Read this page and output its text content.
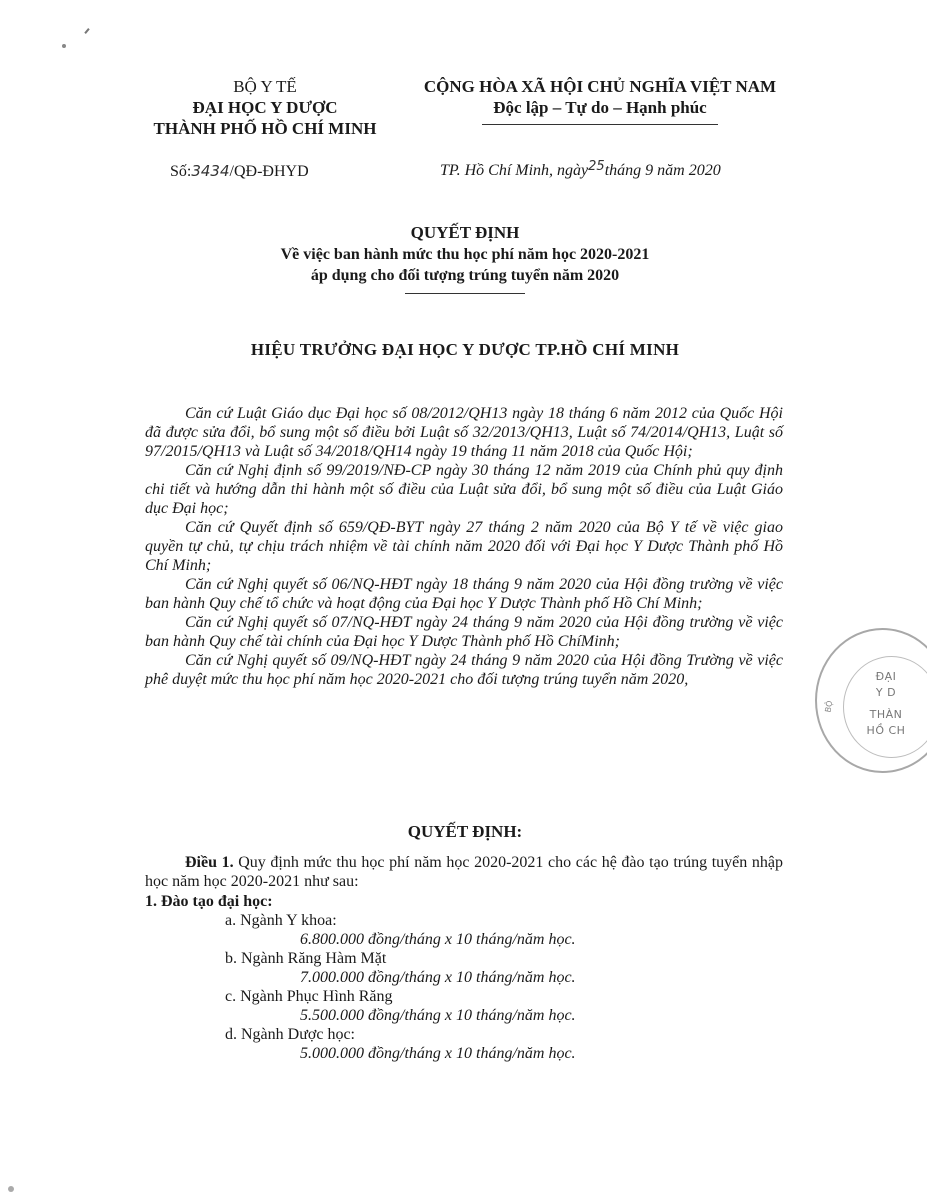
BỘ Y TẾ
ĐẠI HỌC Y DƯỢC
THÀNH PHỐ HỒ CHÍ MINH
CỘNG HÒA XÃ HỘI CHỦ NGHĨA VIỆT NAM
Độc lập – Tự do – Hạnh phúc
Số:3434/QĐ-ĐHYD	TP. Hồ Chí Minh, ngày$^{25}$tháng 9 năm 2020
QUYẾT ĐỊNH
Về việc ban hành mức thu học phí năm học 2020-2021
áp dụng cho đối tượng trúng tuyển năm 2020
HIỆU TRƯỞNG ĐẠI HỌC Y DƯỢC TP.HỒ CHÍ MINH

Căn cứ Luật Giáo dục Đại học số 08/2012/QH13 ngày 18 tháng 6 năm 2012 của Quốc Hội đã được sửa đổi, bổ sung một số điều bởi Luật số 32/2013/QH13, Luật số 74/2014/QH13, Luật số 97/2015/QH13 và Luật số 34/2018/QH14 ngày 19 tháng 11 năm 2018 của Quốc Hội;

Căn cứ Nghị định số 99/2019/NĐ-CP ngày 30 tháng 12 năm 2019 của Chính phủ quy định chi tiết và hướng dẫn thi hành một số điều của Luật sửa đổi, bổ sung một số điều của Luật Giáo dục Đại học;

Căn cứ Quyết định số 659/QĐ-BYT ngày 27 tháng 2 năm 2020 của Bộ Y tế về việc giao quyền tự chủ, tự chịu trách nhiệm về tài chính năm 2020 đối với Đại học Y Dược Thành phố Hồ Chí Minh;

Căn cứ Nghị quyết số 06/NQ-HĐT ngày 18 tháng 9 năm 2020 của Hội đồng trường về việc ban hành Quy chế tổ chức và hoạt động của Đại học Y Dược Thành phố Hồ Chí Minh;

Căn cứ Nghị quyết số 07/NQ-HĐT ngày 24 tháng 9 năm 2020 của Hội đồng trường về việc ban hành Quy chế tài chính của Đại học Y Dược Thành phố Hồ ChíMinh;

Căn cứ Nghị quyết số 09/NQ-HĐT ngày 24 tháng 9 năm 2020 của Hội đồng Trường về việc phê duyệt mức thu học phí năm học 2020-2021 cho đối tượng trúng tuyển năm 2020,	ĐẠI
Y D
THÀN
HỒ CH
BỘ
QUYẾT ĐỊNH:

Điều 1. Quy định mức thu học phí năm học 2020-2021 cho các hệ đào tạo trúng tuyển nhập học năm học 2020-2021 như sau:

1. Đào tạo đại học:

a. Ngành Y khoa:

6.800.000 đồng/tháng x 10 tháng/năm học.

b. Ngành Răng Hàm Mặt

7.000.000 đồng/tháng x 10 tháng/năm học.

c. Ngành Phục Hình Răng

5.500.000 đồng/tháng x 10 tháng/năm học.

d. Ngành Dược học:

5.000.000 đồng/tháng x 10 tháng/năm học.
